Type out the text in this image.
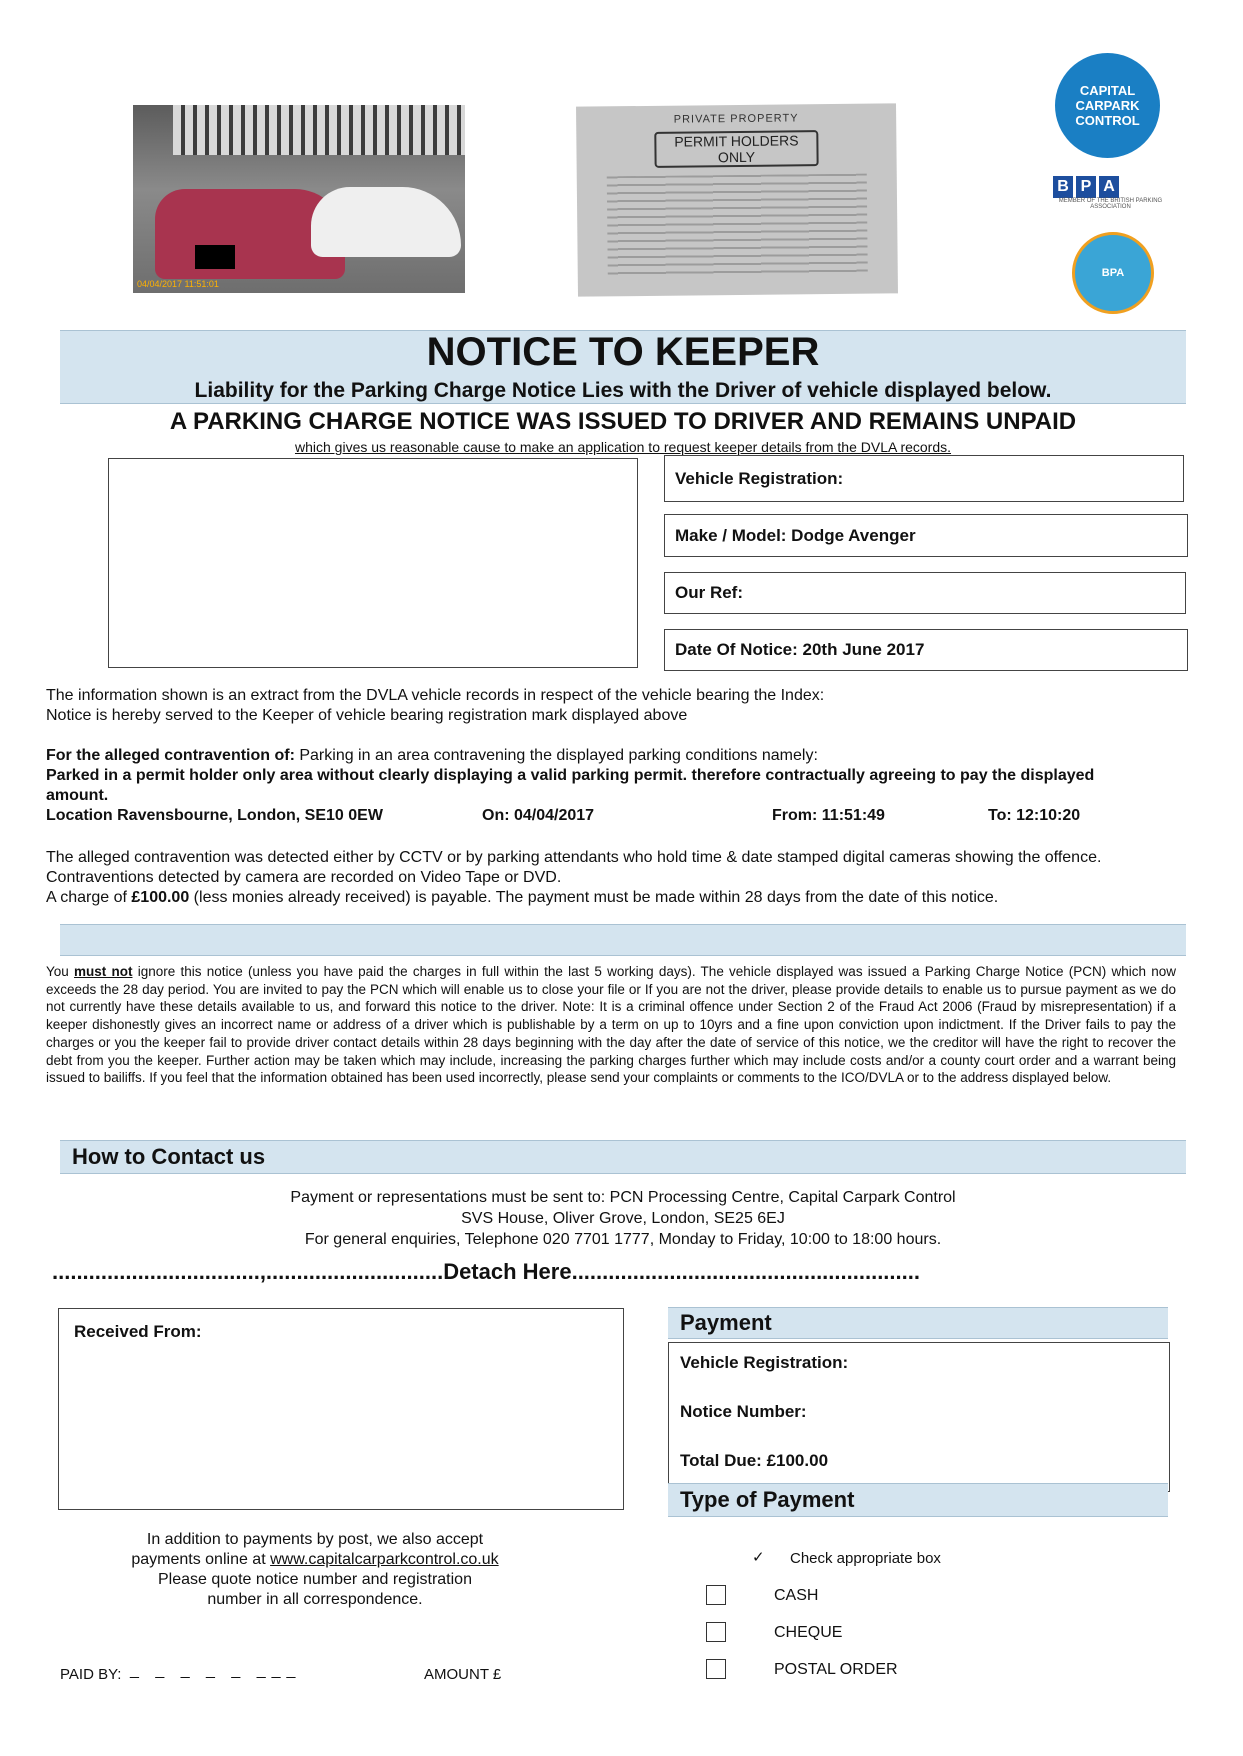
04/04/2017 11:51:01
PRIVATE PROPERTY
PERMIT HOLDERS ONLY
CAPITAL CARPARK CONTROL
B P A
MEMBER OF THE BRITISH PARKING ASSOCIATION
BPA
NOTICE TO KEEPER
Liability for the Parking Charge Notice Lies with the Driver of vehicle displayed below.
A PARKING CHARGE NOTICE WAS ISSUED TO DRIVER AND REMAINS UNPAID
which gives us reasonable cause to make an application to request keeper details from the DVLA records.
Vehicle Registration:
Make / Model: Dodge Avenger
Our Ref:
Date Of Notice: 20th June 2017
The information shown is an extract from the DVLA vehicle records in respect of the vehicle bearing the Index:
Notice is hereby served to the Keeper of vehicle bearing registration mark displayed above
For the alleged contravention of: Parking in an area contravening the displayed parking conditions namely:
Parked in a permit holder only area without clearly displaying a valid parking permit. therefore contractually agreeing to pay the displayed amount.
Location Ravensbourne, London, SE10 0EW	On: 04/04/2017	From: 11:51:49	To: 12:10:20
The alleged contravention was detected either by CCTV or by parking attendants who hold time & date stamped digital cameras showing the offence. Contraventions detected by camera are recorded on Video Tape or DVD.
A charge of £100.00 (less monies already received) is payable. The payment must be made within 28 days from the date of this notice.
You must not ignore this notice (unless you have paid the charges in full within the last 5 working days). The vehicle displayed was issued a Parking Charge Notice (PCN) which now exceeds the 28 day period. You are invited to pay the PCN which will enable us to close your file or If you are not the driver, please provide details to enable us to pursue payment as we do not currently have these details available to us, and forward this notice to the driver. Note: It is a criminal offence under Section 2 of the Fraud Act 2006 (Fraud by misrepresentation) if a keeper dishonestly gives an incorrect name or address of a driver which is publishable by a term on up to 10yrs and a fine upon conviction upon indictment. If the Driver fails to pay the charges or you the keeper fail to provide driver contact details within 28 days beginning with the day after the date of service of this notice, we the creditor will have the right to recover the debt from you the keeper. Further action may be taken which may include, increasing the parking charges further which may include costs and/or a county court order and a warrant being issued to bailiffs. If you feel that the information obtained has been used incorrectly, please send your complaints or comments to the ICO/DVLA or to the address displayed below.
How to Contact us
Payment or representations must be sent to: PCN Processing Centre, Capital Carpark Control
SVS House, Oliver Grove, London, SE25 6EJ
For general enquiries, Telephone 020 7701 1777, Monday to Friday, 10:00 to 18:00 hours.
..................................,.............................Detach Here.........................................................
Received From:
In addition to payments by post, we also accept
payments online at www.capitalcarparkcontrol.co.uk
Please quote notice number and registration
number in all correspondence.
PAID BY: _ _ _ _ _ ___	AMOUNT £
Payment
Vehicle Registration:
Notice Number:
Total Due: £100.00
Type of Payment
✓ Check appropriate box
CASH
CHEQUE
POSTAL ORDER
